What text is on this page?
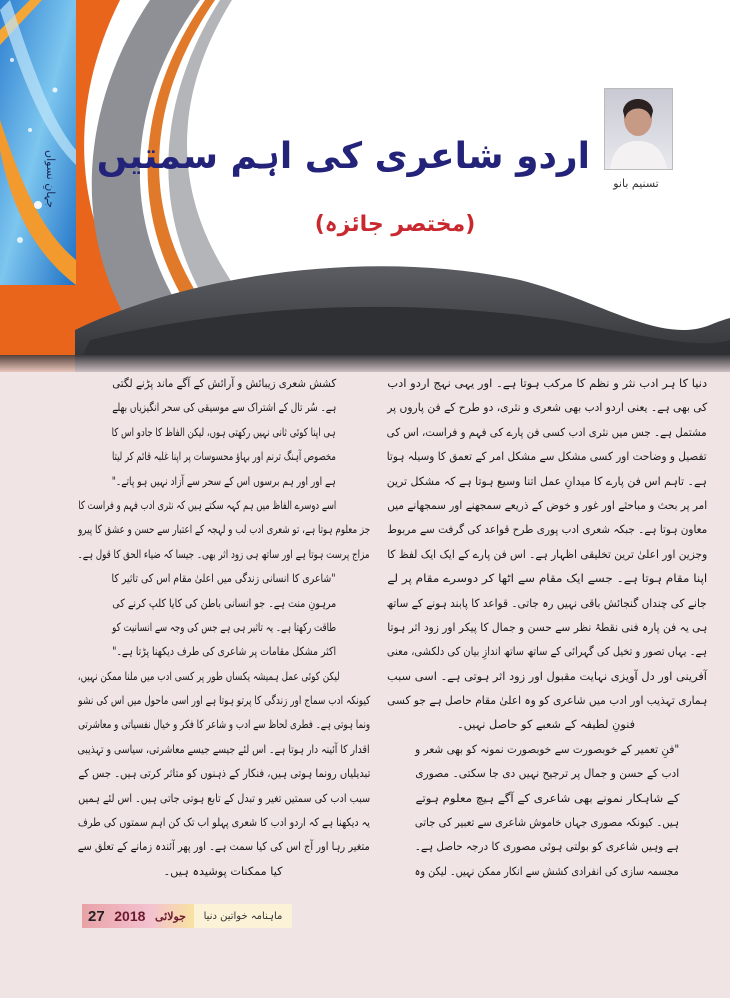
جہانِ نسواں اردو شاعری کی اہم سمتیں
(مختصر جائزہ)
تسنیم بانو
دنیا کا ہر ادب نثر و نظم کا مرکب ہوتا ہے۔ اور یہی نہج اردو ادب
کی بھی ہے۔ یعنی اردو ادب بھی شعری و نثری، دو طرح کے فن پاروں پر
مشتمل ہے۔ جس میں نثری ادب کسی فن پارے کی فہم و فراست، اس کی
تفصیل و وضاحت اور کسی مشکل سے مشکل امر کے تعمق کا وسیلہ ہوتا
ہے۔ تاہم اس فن پارے کا میدانِ عمل اتنا وسیع ہوتا ہے کہ مشکل ترین
امر پر بحث و مباحثے اور غور و خوض کے ذریعے سمجھنے اور سمجھانے میں
معاون ہوتا ہے۔ جبکہ شعری ادب پوری طرح قواعد کی گرفت سے مربوط
وجزین اور اعلیٰ ترین تخلیقی اظہار ہے۔ اس فن پارے کے ایک ایک لفظ کا
اپنا مقام ہوتا ہے۔ جسے ایک مقام سے اٹھا کر دوسرے مقام پر لے
جانے کی چنداں گنجائش باقی نہیں رہ جاتی۔ قواعد کا پابند ہونے کے ساتھ
ہی یہ فن پارہ فنی نقطۂ نظر سے حسن و جمال کا پیکر اور زود اثر ہوتا
ہے۔ یہاں تصور و تخیل کی گہرائی کے ساتھ ساتھ اندازِ بیان کی دلکشی، معنی
آفرینی اور دل آویزی نہایت مقبول اور زود اثر ہوتی ہے۔ اسی سبب
ہماری تہذیب اور ادب میں شاعری کو وہ اعلیٰ مقام حاصل ہے جو کسی
فنونِ لطیفہ کے شعبے کو حاصل نہیں۔
"فنِ تعمیر کے خوبصورت سے خوبصورت نمونہ کو بھی شعر و
ادب کے حسن و جمال پر ترجیح نہیں دی جا سکتی۔ مصوری
کے شاہکار نمونے بھی شاعری کے آگے ہیچ معلوم ہوتے
ہیں۔ کیونکہ مصوری جہاں خاموش شاعری سے تعبیر کی جاتی
ہے وہیں شاعری کو بولتی ہوئی مصوری کا درجہ حاصل ہے۔
مجسمہ سازی کی انفرادی کشش سے انکار ممکن نہیں۔ لیکن وہ
کشش شعری زیبائش و آرائش کے آگے ماند پڑنے لگتی
ہے۔ سُر تال کے اشتراک سے موسیقی کی سحر انگیزیاں بھلے
ہی اپنا کوئی ثانی نہیں رکھتی ہوں، لیکن الفاظ کا جادو اس کا
مخصوص آہنگ ترنم اور بہاؤ محسوسات پر اپنا غلبہ قائم کر لیتا
ہے اور اور ہم برسوں اس کے سحر سے آزاد نہیں ہو پاتے۔"
اسے دوسرے الفاظ میں ہم کہہ سکتے ہیں کہ نثری ادب فہم و فراست کا
جز معلوم ہوتا ہے، تو شعری ادب لب و لہجہ کے اعتبار سے حسن و عشق کا پیرو
مزاج پرست ہوتا ہے اور ساتھ ہی زود اثر بھی۔ جیسا کہ ضیاء الحق کا قول ہے۔
"شاعری کا انسانی زندگی میں اعلیٰ مقام اس کی تاثیر کا
مرہونِ منت ہے۔ جو انسانی باطن کی کایا کلپ کرنے کی
طاقت رکھتا ہے۔ یہ تاثیر ہی ہے جس کی وجہ سے انسانیت کو
اکثر مشکل مقامات پر شاعری کی طرف دیکھنا پڑتا ہے۔"
لیکن کوئی عمل ہمیشہ یکساں طور پر کسی ادب میں ملنا ممکن نہیں،
کیونکہ ادب سماج اور زندگی کا پرتو ہوتا ہے اور اسی ماحول میں اس کی نشو
ونما ہوتی ہے۔ فطری لحاظ سے ادب و شاعر کا فکر و خیال نفسیاتی و معاشرتی
اقدار کا آئینہ دار ہوتا ہے۔ اس لئے جیسے جیسے معاشرتی، سیاسی و تہذیبی
تبدیلیاں رونما ہوتی ہیں، فنکار کے ذہنوں کو متاثر کرتی ہیں۔ جس کے
سبب ادب کی سمتیں تغیر و تبدل کے تابع ہوتی جاتی ہیں۔ اس لئے ہمیں
یہ دیکھنا ہے کہ اردو ادب کا شعری پہلو اب تک کن اہم سمتوں کی طرف
متغیر رہا اور آج اس کی کیا سمت ہے۔ اور پھر آئندہ زمانے کے تعلق سے
کیا ممکنات پوشیدہ ہیں۔
27 2018 جولائی	ماہنامہ خواتین دنیا
